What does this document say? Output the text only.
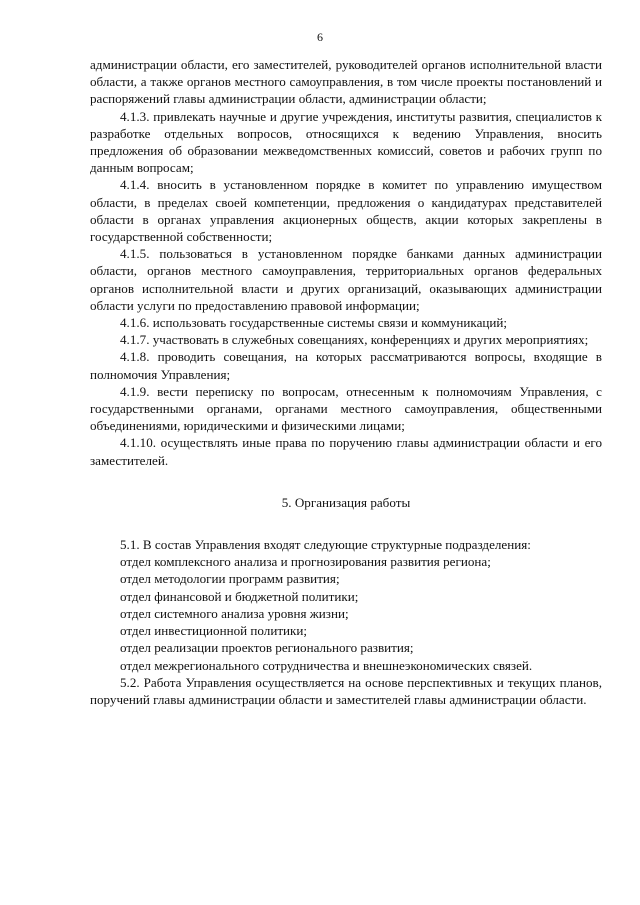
6

администрации области, его заместителей, руководителей органов исполнительной власти области, а также органов местного самоуправления, в том числе проекты постановлений и распоряжений главы администрации области, администрации области;

4.1.3. привлекать научные и другие учреждения, институты развития, специалистов к разработке отдельных вопросов, относящихся к ведению Управления, вносить предложения об образовании межведомственных комиссий, советов и рабочих групп по данным вопросам;

4.1.4. вносить в установленном порядке в комитет по управлению имуществом области, в пределах своей компетенции, предложения о кандидатурах представителей области в органах управления акционерных обществ, акции которых закреплены в государственной собственности;

4.1.5. пользоваться в установленном порядке банками данных администрации области, органов местного самоуправления, территориальных органов федеральных органов исполнительной власти и других организаций, оказывающих администрации области услуги по предоставлению правовой информации;

4.1.6. использовать государственные системы связи и коммуникаций;

4.1.7. участвовать в служебных совещаниях, конференциях и других мероприятиях;

4.1.8. проводить совещания, на которых рассматриваются вопросы, входящие в полномочия Управления;

4.1.9. вести переписку по вопросам, отнесенным к полномочиям Управления, с государственными органами, органами местного самоуправления, общественными объединениями, юридическими и физическими лицами;

4.1.10. осуществлять иные права по поручению главы администрации области и его заместителей.

5. Организация работы

5.1. В состав Управления входят следующие структурные подразделения:

отдел комплексного анализа и прогнозирования развития региона;

отдел методологии программ развития;

отдел финансовой и бюджетной политики;

отдел системного анализа уровня жизни;

отдел инвестиционной политики;

отдел реализации проектов регионального развития;

отдел межрегионального сотрудничества и внешнеэкономических связей.

5.2. Работа Управления осуществляется на основе перспективных и текущих планов, поручений главы администрации области и заместителей главы администрации области.
